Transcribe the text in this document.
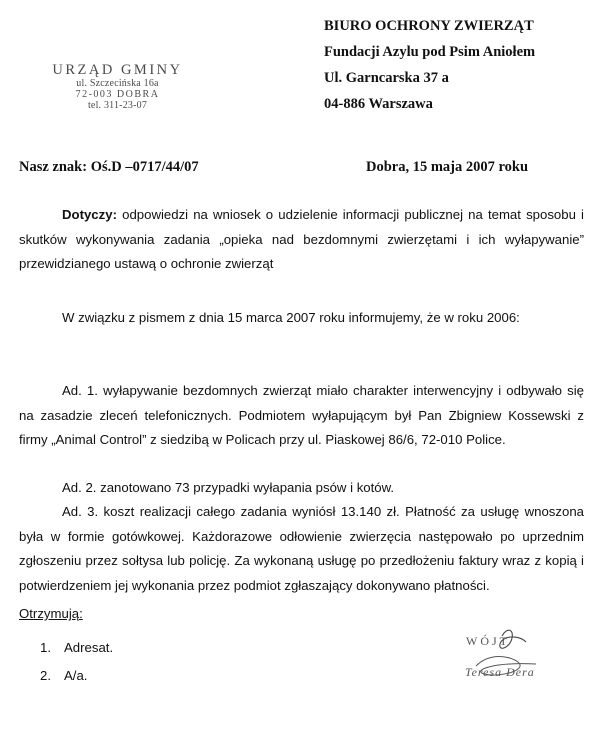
URZĄD GMINY
ul. Szczecińska 16a
72-003 DOBRA
tel. 311-23-07
BIURO OCHRONY ZWIERZĄT
Fundacji Azylu pod Psim Aniołem
Ul. Garncarska 37 a
04-886 Warszawa
Nasz znak: Oś.D –0717/44/07	Dobra, 15 maja 2007 roku
Dotyczy: odpowiedzi na wniosek o udzielenie informacji publicznej na temat sposobu i skutków wykonywania zadania „opieka nad bezdomnymi zwierzętami i ich wyłapywanie” przewidzianego ustawą o ochronie zwierząt
W związku z pismem z dnia 15 marca 2007 roku informujemy, że w roku 2006:
Ad. 1. wyłapywanie bezdomnych zwierząt miało charakter interwencyjny i odbywało się na zasadzie zleceń telefonicznych. Podmiotem wyłapującym był Pan Zbigniew Kossewski z firmy „Animal Control” z siedzibą w Policach przy ul. Piaskowej 86/6, 72-010 Police.
Ad. 2. zanotowano 73 przypadki wyłapania psów i kotów.
Ad. 3. koszt realizacji całego zadania wyniósł 13.140 zł. Płatność za usługę wnoszona była w formie gotówkowej. Każdorazowe odłowienie zwierzęcia następowało po uprzednim zgłoszeniu przez sołtysa lub policję. Za wykonaną usługę po przedłożeniu faktury wraz z kopią i potwierdzeniem jej wykonania przez podmiot zgłaszający dokonywano płatności.
Otrzymują:
1. Adresat.
2. A/a.
WÓJT
Teresa Dera
